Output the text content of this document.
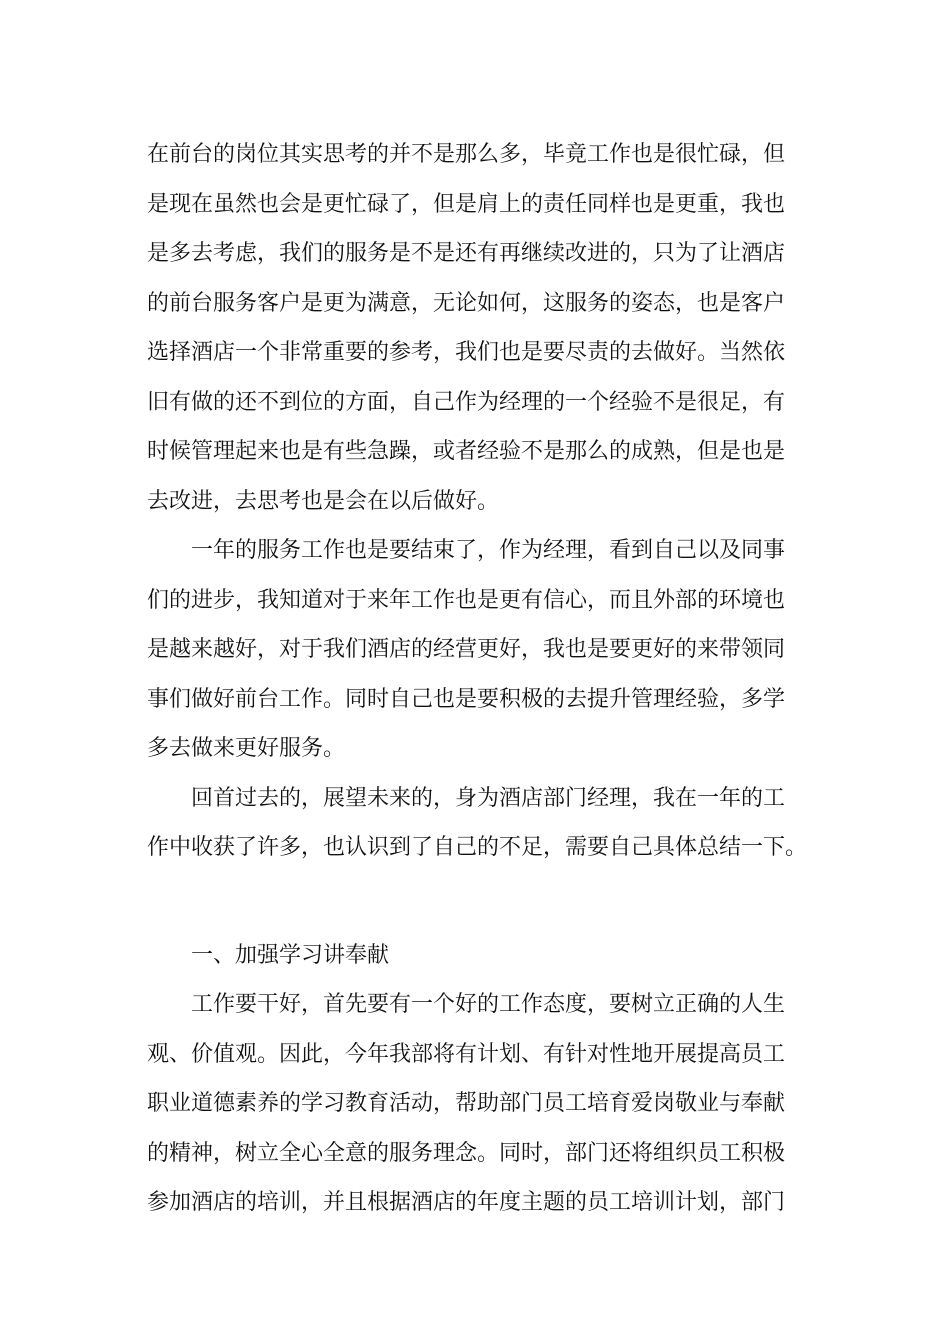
在前台的岗位其实思考的并不是那么多，毕竟工作也是很忙碌，但
是现在虽然也会是更忙碌了，但是肩上的责任同样也是更重，我也
是多去考虑，我们的服务是不是还有再继续改进的，只为了让酒店
的前台服务客户是更为满意，无论如何，这服务的姿态，也是客户
选择酒店一个非常重要的参考，我们也是要尽责的去做好。当然依
旧有做的还不到位的方面，自己作为经理的一个经验不是很足，有
时候管理起来也是有些急躁，或者经验不是那么的成熟，但是也是
去改进，去思考也是会在以后做好。
一年的服务工作也是要结束了，作为经理，看到自己以及同事
们的进步，我知道对于来年工作也是更有信心，而且外部的环境也
是越来越好，对于我们酒店的经营更好，我也是要更好的来带领同
事们做好前台工作。同时自己也是要积极的去提升管理经验，多学
多去做来更好服务。
回首过去的，展望未来的，身为酒店部门经理，我在一年的工
作中收获了许多，也认识到了自己的不足，需要自己具体总结一下。
一、加强学习讲奉献
工作要干好，首先要有一个好的工作态度，要树立正确的人生
观、价值观。因此，今年我部将有计划、有针对性地开展提高员工
职业道德素养的学习教育活动，帮助部门员工培育爱岗敬业与奉献
的精神，树立全心全意的服务理念。同时，部门还将组织员工积极
参加酒店的培训，并且根据酒店的年度主题的员工培训计划，部门
